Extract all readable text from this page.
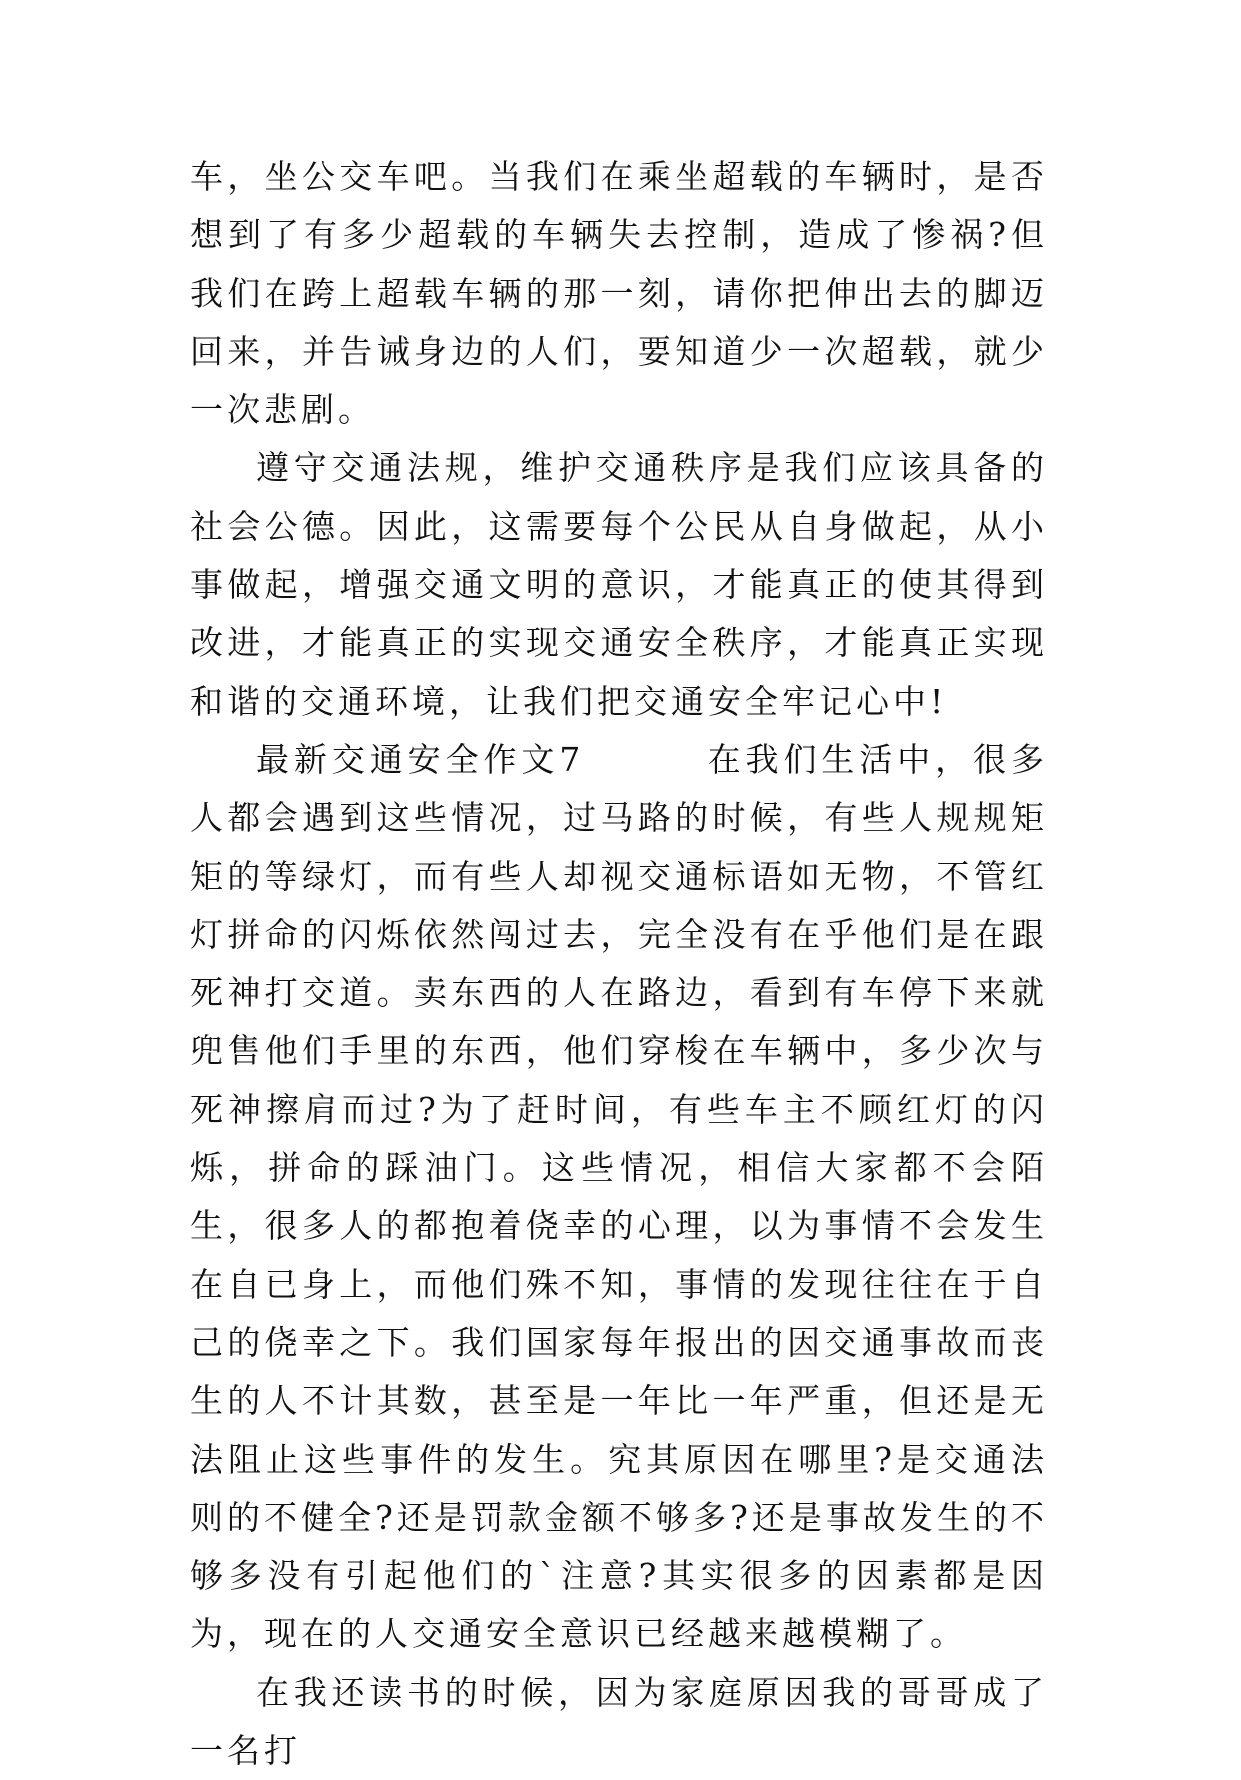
车，坐公交车吧。当我们在乘坐超载的车辆时，是否想到了有多少超载的车辆失去控制，造成了惨祸?但我们在跨上超载车辆的那一刻，请你把伸出去的脚迈回来，并告诫身边的人们，要知道少一次超载，就少一次悲剧。

遵守交通法规，维护交通秩序是我们应该具备的社会公德。因此，这需要每个公民从自身做起，从小事做起，增强交通文明的意识，才能真正的使其得到改进，才能真正的实现交通安全秩序，才能真正实现和谐的交通环境，让我们把交通安全牢记心中!

最新交通安全作文7	在我们生活中，很多人都会遇到这些情况，过马路的时候，有些人规规矩矩的等绿灯，而有些人却视交通标语如无物，不管红灯拼命的闪烁依然闯过去，完全没有在乎他们是在跟死神打交道。卖东西的人在路边，看到有车停下来就兜售他们手里的东西，他们穿梭在车辆中，多少次与死神擦肩而过?为了赶时间，有些车主不顾红灯的闪烁，拼命的踩油门。这些情况，相信大家都不会陌生，很多人的都抱着侥幸的心理，以为事情不会发生在自已身上，而他们殊不知，事情的发现往往在于自己的侥幸之下。我们国家每年报出的因交通事故而丧生的人不计其数，甚至是一年比一年严重，但还是无法阻止这些事件的发生。究其原因在哪里?是交通法则的不健全?还是罚款金额不够多?还是事故发生的不够多没有引起他们的`注意?其实很多的因素都是因为，现在的人交通安全意识已经越来越模糊了。

在我还读书的时候，因为家庭原因我的哥哥成了一名打
